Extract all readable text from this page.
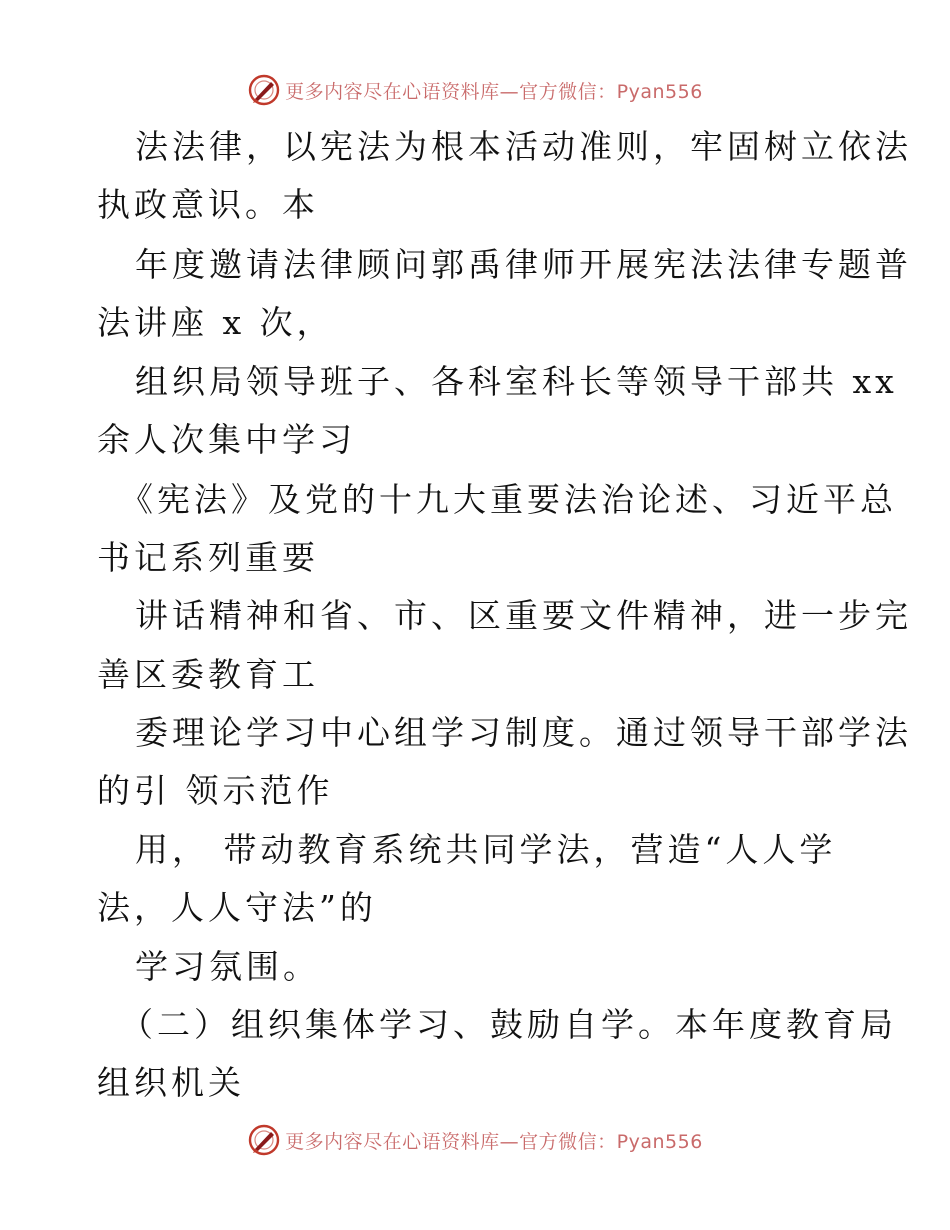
更多内容尽在心语资料库—官方微信：Pyan556
法法律，以宪法为根本活动准则，牢固树立依法
执政意识。本
年度邀请法律顾问郭禹律师开展宪法法律专题普
法讲座 x 次，
组织局领导班子、各科室科长等领导干部共 xx
余人次集中学习
《宪法》及党的十九大重要法治论述、习近平总
书记系列重要
讲话精神和省、市、区重要文件精神，进一步完
善区委教育工
委理论学习中心组学习制度。通过领导干部学法
的引 领示范作
用， 带动教育系统共同学法，营造“人人学
法，人人守法”的
学习氛围。
（二）组织集体学习、鼓励自学。本年度教育局
组织机关
更多内容尽在心语资料库—官方微信：Pyan556
